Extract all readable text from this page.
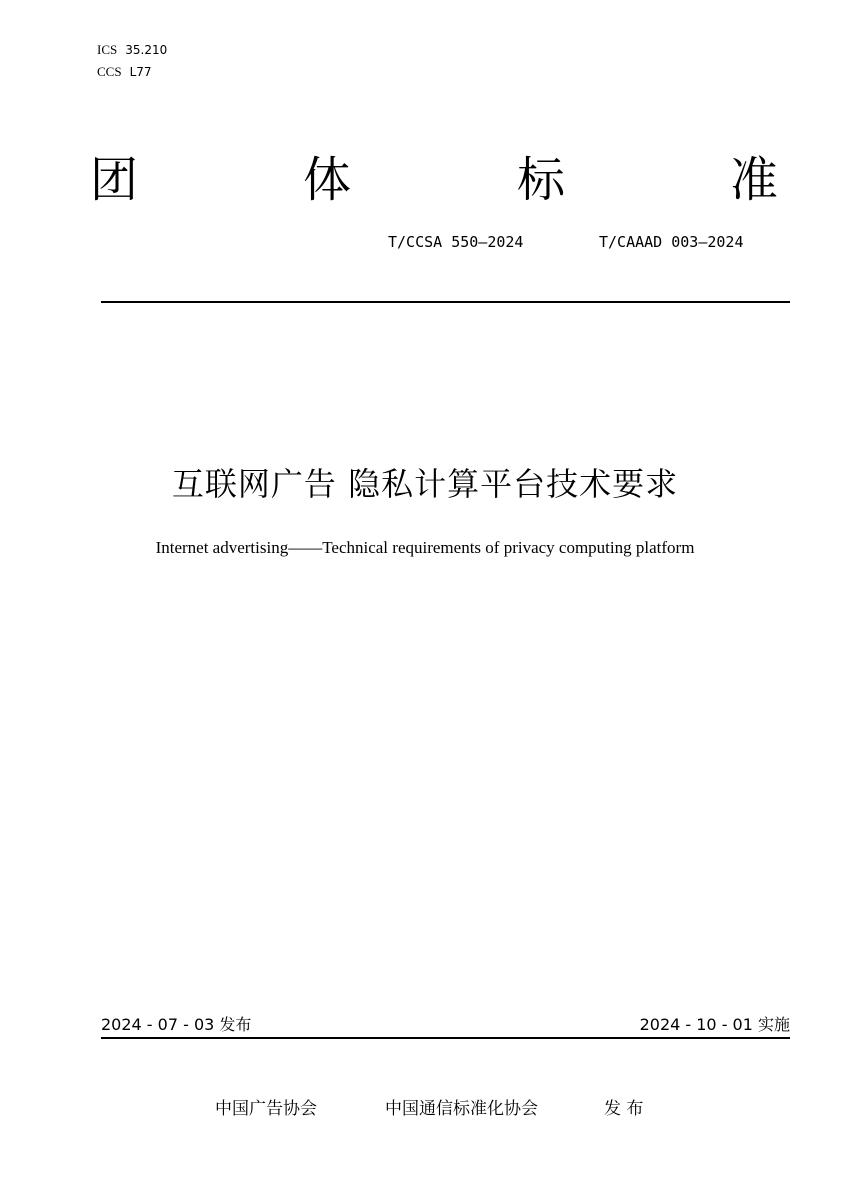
ICS 35.210
CCS L77
团	体	标	准
T/CCSA 550—2024	T/CAAAD 003—2024
互联网广告 隐私计算平台技术要求
Internet advertising——Technical requirements of privacy computing platform
2024 - 07 - 03 发布	2024 - 10 - 01 实施
中国广告协会	中国通信标准化协会	发 布
